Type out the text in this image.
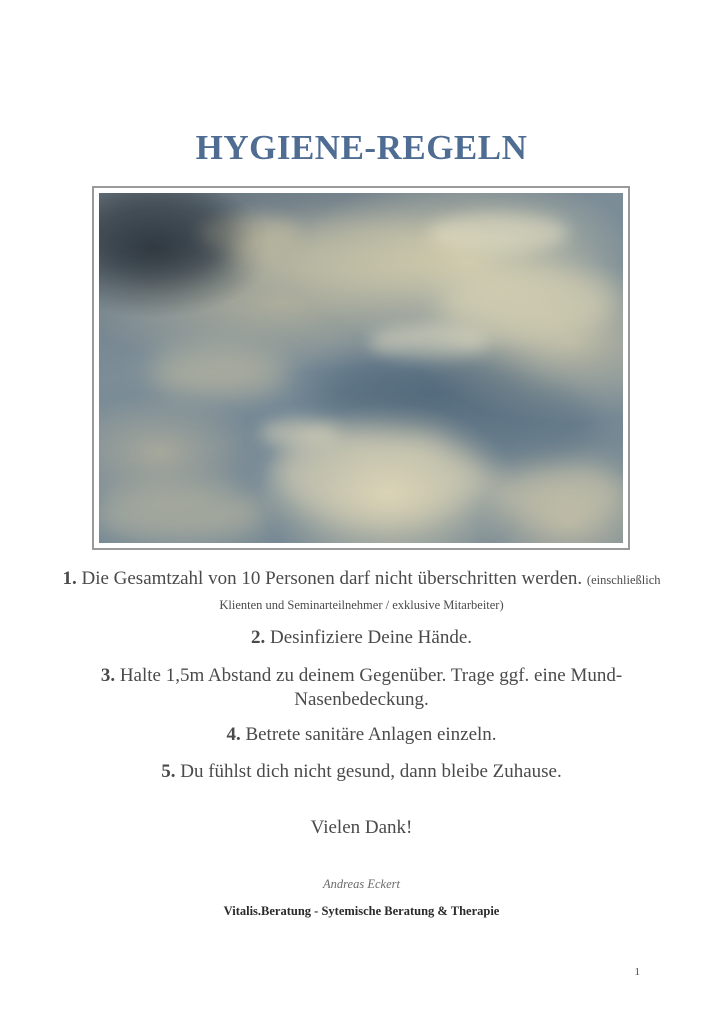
HYGIENE-REGELN

1. Die Gesamtzahl von 10 Personen darf nicht überschritten werden. (einschließlich Klienten und Seminarteilnehmer / exklusive Mitarbeiter)

2. Desinfiziere Deine Hände.

3. Halte 1,5m Abstand zu deinem Gegenüber. Trage ggf. eine Mund-Nasenbedeckung.

4. Betrete sanitäre Anlagen einzeln.

5. Du fühlst dich nicht gesund, dann bleibe Zuhause.

Vielen Dank!

Andreas Eckert

Vitalis.Beratung - Sytemische Beratung & Therapie

1
